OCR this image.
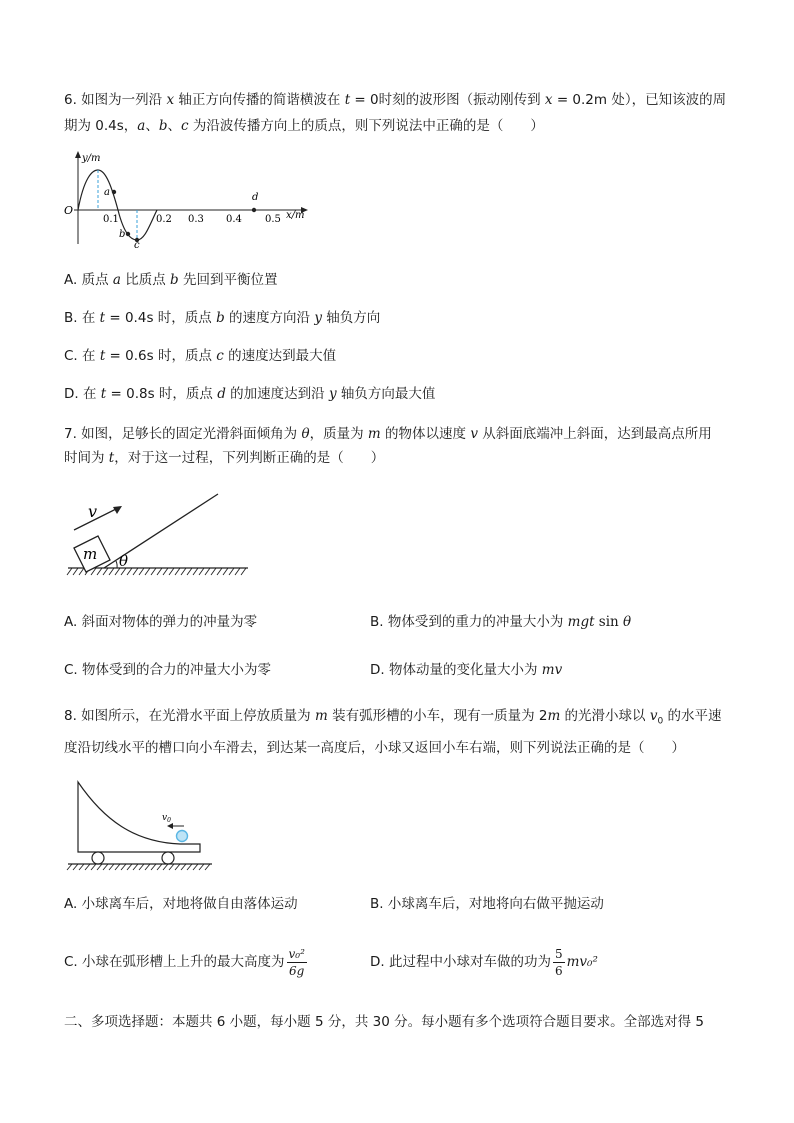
6. 如图为一列沿 x 轴正方向传播的简谐横波在 t = 0时刻的波形图（振动刚传到 x = 0.2m 处），已知该波的周
期为 0.4s，a、b、c 为沿波传播方向上的质点，则下列说法中正确的是（　　）
y/m
O	x/m
0.1	0.2 0.3 0.4 0.5
a
b
c
d
A. 质点 a 比质点 b 先回到平衡位置
B. 在 t = 0.4s 时，质点 b 的速度方向沿 y 轴负方向
C. 在 t = 0.6s 时，质点 c 的速度达到最大值
D. 在 t = 0.8s 时，质点 d 的加速度达到沿 y 轴负方向最大值
7. 如图，足够长的固定光滑斜面倾角为 θ，质量为 m 的物体以速度 v 从斜面底端冲上斜面，达到最高点所用
时间为 t，对于这一过程，下列判断正确的是（　　）
m
v
θ
A. 斜面对物体的弹力的冲量为零	B. 物体受到的重力的冲量大小为 mgt sin θ
C. 物体受到的合力的冲量大小为零	D. 物体动量的变化量大小为 mv
8. 如图所示，在光滑水平面上停放质量为 m 装有弧形槽的小车，现有一质量为 2m 的光滑小球以 $v_0$ 的水平速
度沿切线水平的槽口向小车滑去，到达某一高度后，小球又返回小车右端，则下列说法正确的是（　　）
$v_0$
A. 小球离车后，对地将做自由落体运动	B. 小球离车后，对地将向右做平抛运动
C. 小球在弧形槽上上升的最大高度为 $\frac{\text{v₀²}}{6g}$	D. 此过程中小球对车做的功为 $\frac{5}{6} mv_0^2$
二、多项选择题：本题共 6 小题，每小题 5 分，共 30 分。每小题有多个选项符合题目要求。全部选对得 5
